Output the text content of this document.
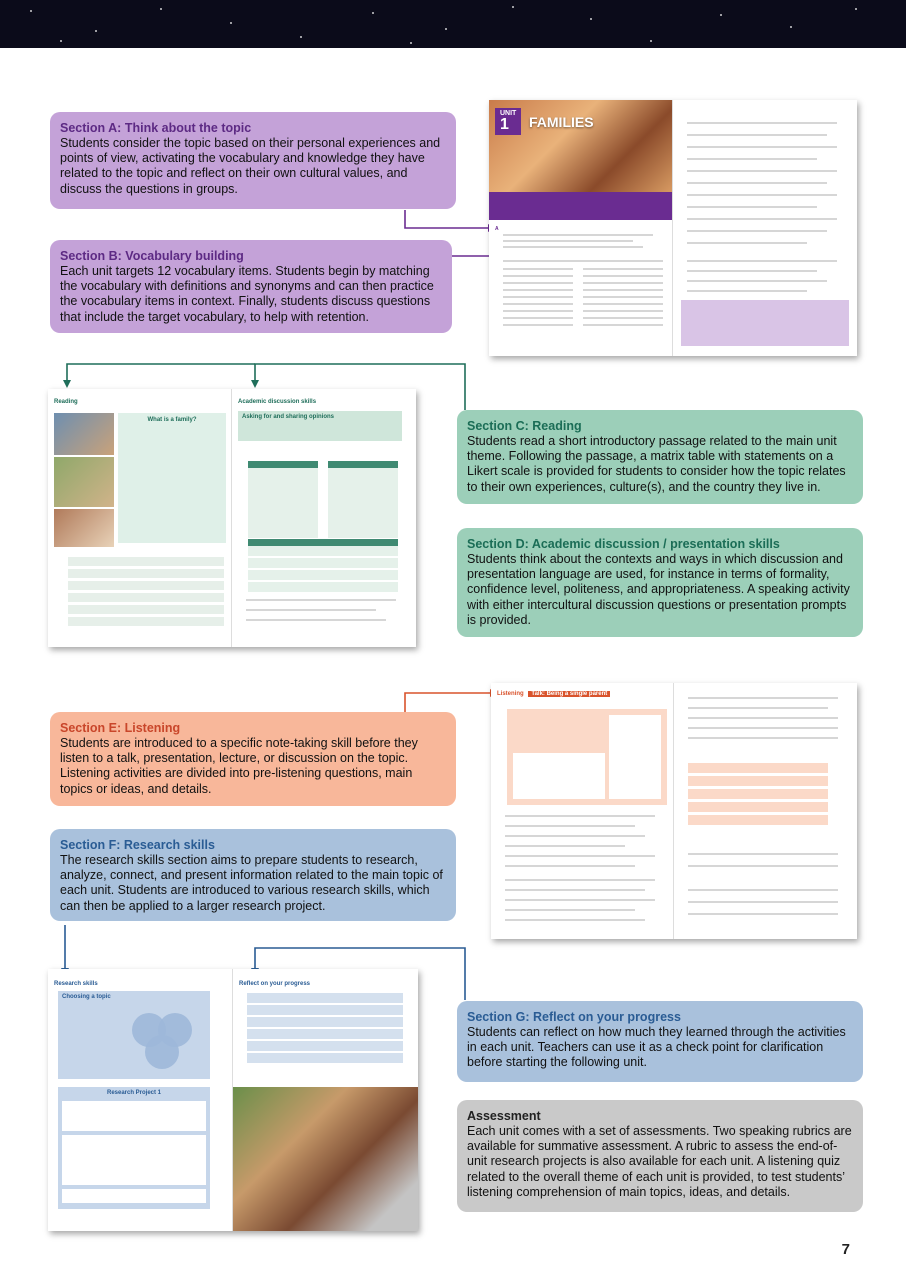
UNIT
1	FAMILIES
A
Reading
What is a family?
Academic discussion skills
Asking for and sharing opinions
Listening Talk: Being a single parent
Research skills
Choosing a topic
Research Project 1
Reflect on your progress
Section A: Think about the topic

Students consider the topic based on their personal experiences and points of view, activating the vocabulary and knowledge they have related to the topic and reflect on their own cultural values, and discuss the questions in groups.

Section B: Vocabulary building

Each unit targets 12 vocabulary items. Students begin by matching the vocabulary with definitions and synonyms and can then practice the vocabulary items in context. Finally, students discuss questions that include the target vocabulary, to help with retention.

Section C: Reading

Students read a short introductory passage related to the main unit theme. Following the passage, a matrix table with statements on a Likert scale is provided for students to consider how the topic relates to their own experiences, culture(s), and the country they live in.

Section D: Academic discussion / presentation skills

Students think about the contexts and ways in which discussion and presentation language are used, for instance in terms of formality, confidence level, politeness, and appropriateness. A speaking activity with either intercultural discussion questions or presentation prompts is provided.

Section E: Listening

Students are introduced to a specific note-taking skill before they listen to a talk, presentation, lecture, or discussion on the topic. Listening activities are divided into pre-listening questions, main topics or ideas, and details.

Section F: Research skills

The research skills section aims to prepare students to research, analyze, connect, and present information related to the main topic of each unit. Students are introduced to various research skills, which can then be applied to a larger research project.

Section G: Reflect on your progress

Students can reflect on how much they learned through the activities in each unit. Teachers can use it as a check point for clarification before starting the following unit.

Assessment

Each unit comes with a set of assessments. Two speaking rubrics are available for summative assessment. A rubric to assess the end-of-unit research projects is also available for each unit. A listening quiz related to the overall theme of each unit is provided, to test students’ listening comprehension of main topics, ideas, and details.

7
